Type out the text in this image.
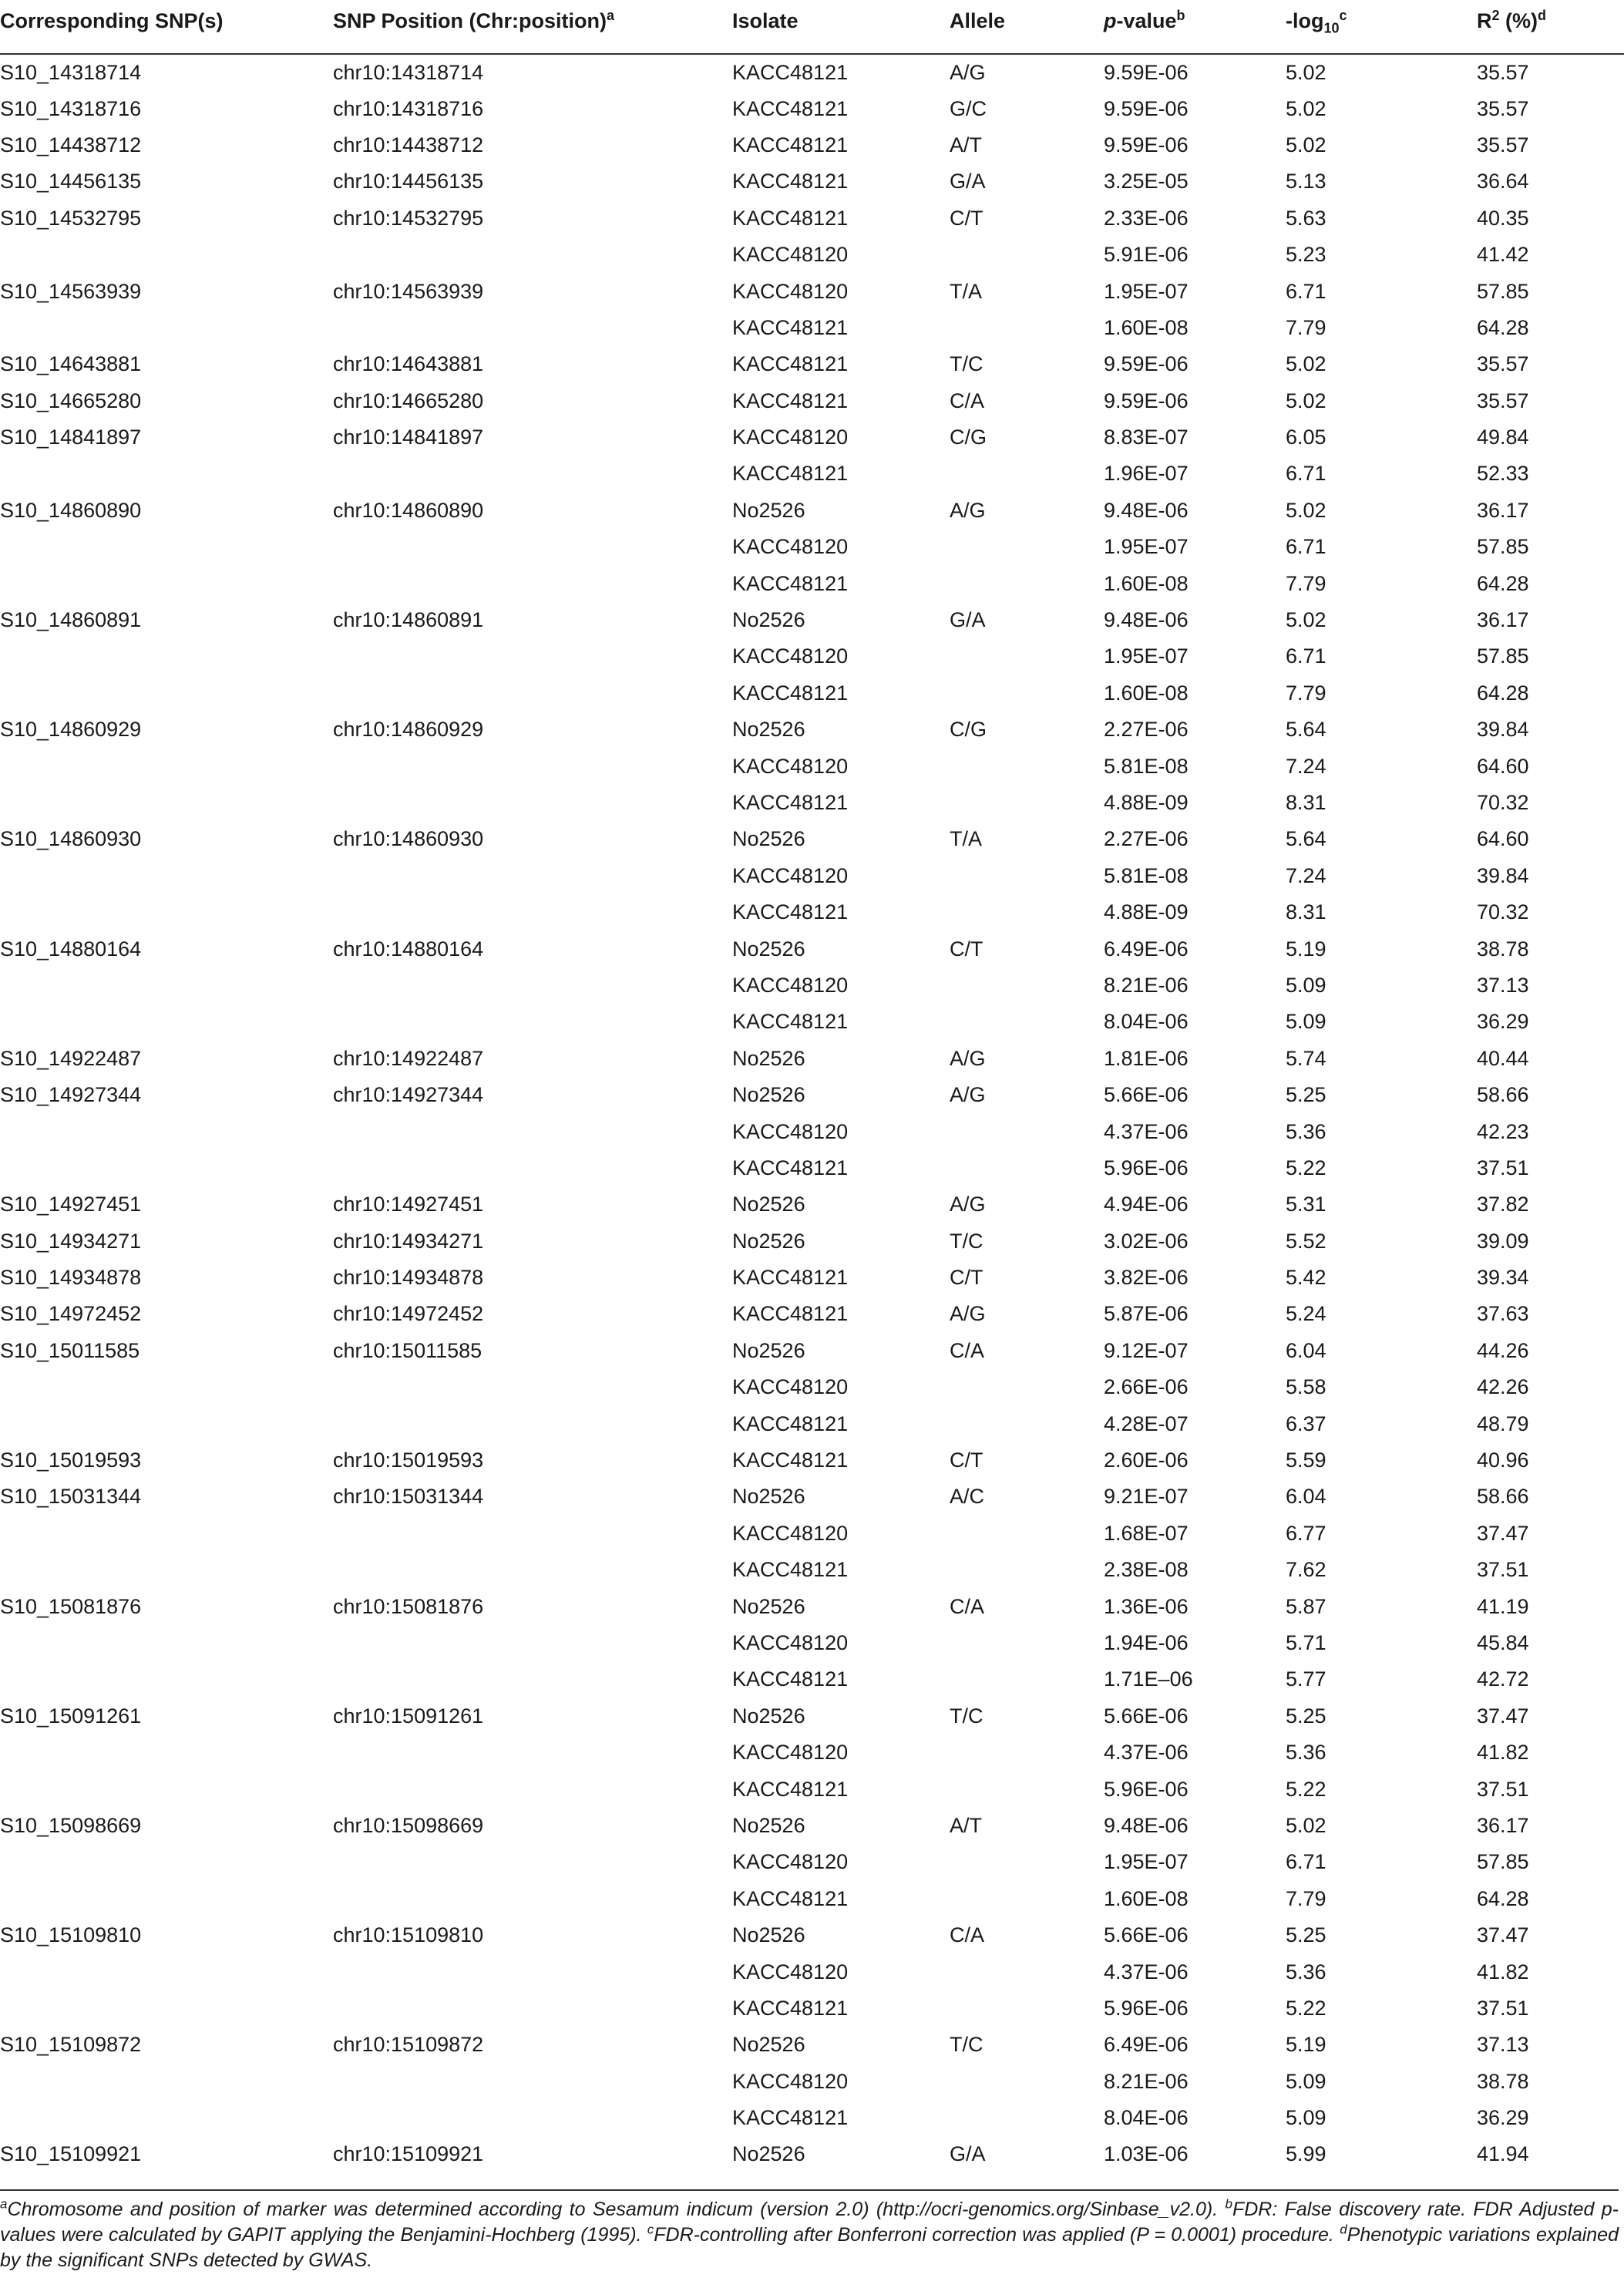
Corresponding SNP(s)	SNP Position (Chr:position)$^a$	Isolate	Allele	p-value$^b$	$-\log_{10}^c$	$R^2$ (%)$^d$
S10_14318714	chr10:14318714	KACC48121	A/G	9.59E-06	5.02	35.57
S10_14318716	chr10:14318716	KACC48121	G/C	9.59E-06	5.02	35.57
S10_14438712	chr10:14438712	KACC48121	A/T	9.59E-06	5.02	35.57
S10_14456135	chr10:14456135	KACC48121	G/A	3.25E-05	5.13	36.64
S10_14532795	chr10:14532795	KACC48121	C/T	2.33E-06	5.63	40.35
		KACC48120		5.91E-06	5.23	41.42
S10_14563939	chr10:14563939	KACC48120	T/A	1.95E-07	6.71	57.85
		KACC48121		1.60E-08	7.79	64.28
S10_14643881	chr10:14643881	KACC48121	T/C	9.59E-06	5.02	35.57
S10_14665280	chr10:14665280	KACC48121	C/A	9.59E-06	5.02	35.57
S10_14841897	chr10:14841897	KACC48120	C/G	8.83E-07	6.05	49.84
		KACC48121		1.96E-07	6.71	52.33
S10_14860890	chr10:14860890	No2526	A/G	9.48E-06	5.02	36.17
		KACC48120		1.95E-07	6.71	57.85
		KACC48121		1.60E-08	7.79	64.28
S10_14860891	chr10:14860891	No2526	G/A	9.48E-06	5.02	36.17
		KACC48120		1.95E-07	6.71	57.85
		KACC48121		1.60E-08	7.79	64.28
S10_14860929	chr10:14860929	No2526	C/G	2.27E-06	5.64	39.84
		KACC48120		5.81E-08	7.24	64.60
		KACC48121		4.88E-09	8.31	70.32
S10_14860930	chr10:14860930	No2526	T/A	2.27E-06	5.64	64.60
		KACC48120		5.81E-08	7.24	39.84
		KACC48121		4.88E-09	8.31	70.32
S10_14880164	chr10:14880164	No2526	C/T	6.49E-06	5.19	38.78
		KACC48120		8.21E-06	5.09	37.13
		KACC48121		8.04E-06	5.09	36.29
S10_14922487	chr10:14922487	No2526	A/G	1.81E-06	5.74	40.44
S10_14927344	chr10:14927344	No2526	A/G	5.66E-06	5.25	58.66
		KACC48120		4.37E-06	5.36	42.23
		KACC48121		5.96E-06	5.22	37.51
S10_14927451	chr10:14927451	No2526	A/G	4.94E-06	5.31	37.82
S10_14934271	chr10:14934271	No2526	T/C	3.02E-06	5.52	39.09
S10_14934878	chr10:14934878	KACC48121	C/T	3.82E-06	5.42	39.34
S10_14972452	chr10:14972452	KACC48121	A/G	5.87E-06	5.24	37.63
S10_15011585	chr10:15011585	No2526	C/A	9.12E-07	6.04	44.26
		KACC48120		2.66E-06	5.58	42.26
		KACC48121		4.28E-07	6.37	48.79
S10_15019593	chr10:15019593	KACC48121	C/T	2.60E-06	5.59	40.96
S10_15031344	chr10:15031344	No2526	A/C	9.21E-07	6.04	58.66
		KACC48120		1.68E-07	6.77	37.47
		KACC48121		2.38E-08	7.62	37.51
S10_15081876	chr10:15081876	No2526	C/A	1.36E-06	5.87	41.19
		KACC48120		1.94E-06	5.71	45.84
		KACC48121		1.71E–06	5.77	42.72
S10_15091261	chr10:15091261	No2526	T/C	5.66E-06	5.25	37.47
		KACC48120		4.37E-06	5.36	41.82
		KACC48121		5.96E-06	5.22	37.51
S10_15098669	chr10:15098669	No2526	A/T	9.48E-06	5.02	36.17
		KACC48120		1.95E-07	6.71	57.85
		KACC48121		1.60E-08	7.79	64.28
S10_15109810	chr10:15109810	No2526	C/A	5.66E-06	5.25	37.47
		KACC48120		4.37E-06	5.36	41.82
		KACC48121		5.96E-06	5.22	37.51
S10_15109872	chr10:15109872	No2526	T/C	6.49E-06	5.19	37.13
		KACC48120		8.21E-06	5.09	38.78
		KACC48121		8.04E-06	5.09	36.29
S10_15109921	chr10:15109921	No2526	G/A	1.03E-06	5.99	41.94
$^a$Chromosome and position of marker was determined according to Sesamum indicum (version 2.0) (http://ocri-genomics.org/Sinbase_v2.0). $^b$FDR: False discovery rate. FDR Adjusted p-values were calculated by GAPIT applying the Benjamini-Hochberg (1995). $^c$FDR-controlling after Bonferroni correction was applied (P = 0.0001) procedure. $^d$Phenotypic variations explained by the significant SNPs detected by GWAS.
